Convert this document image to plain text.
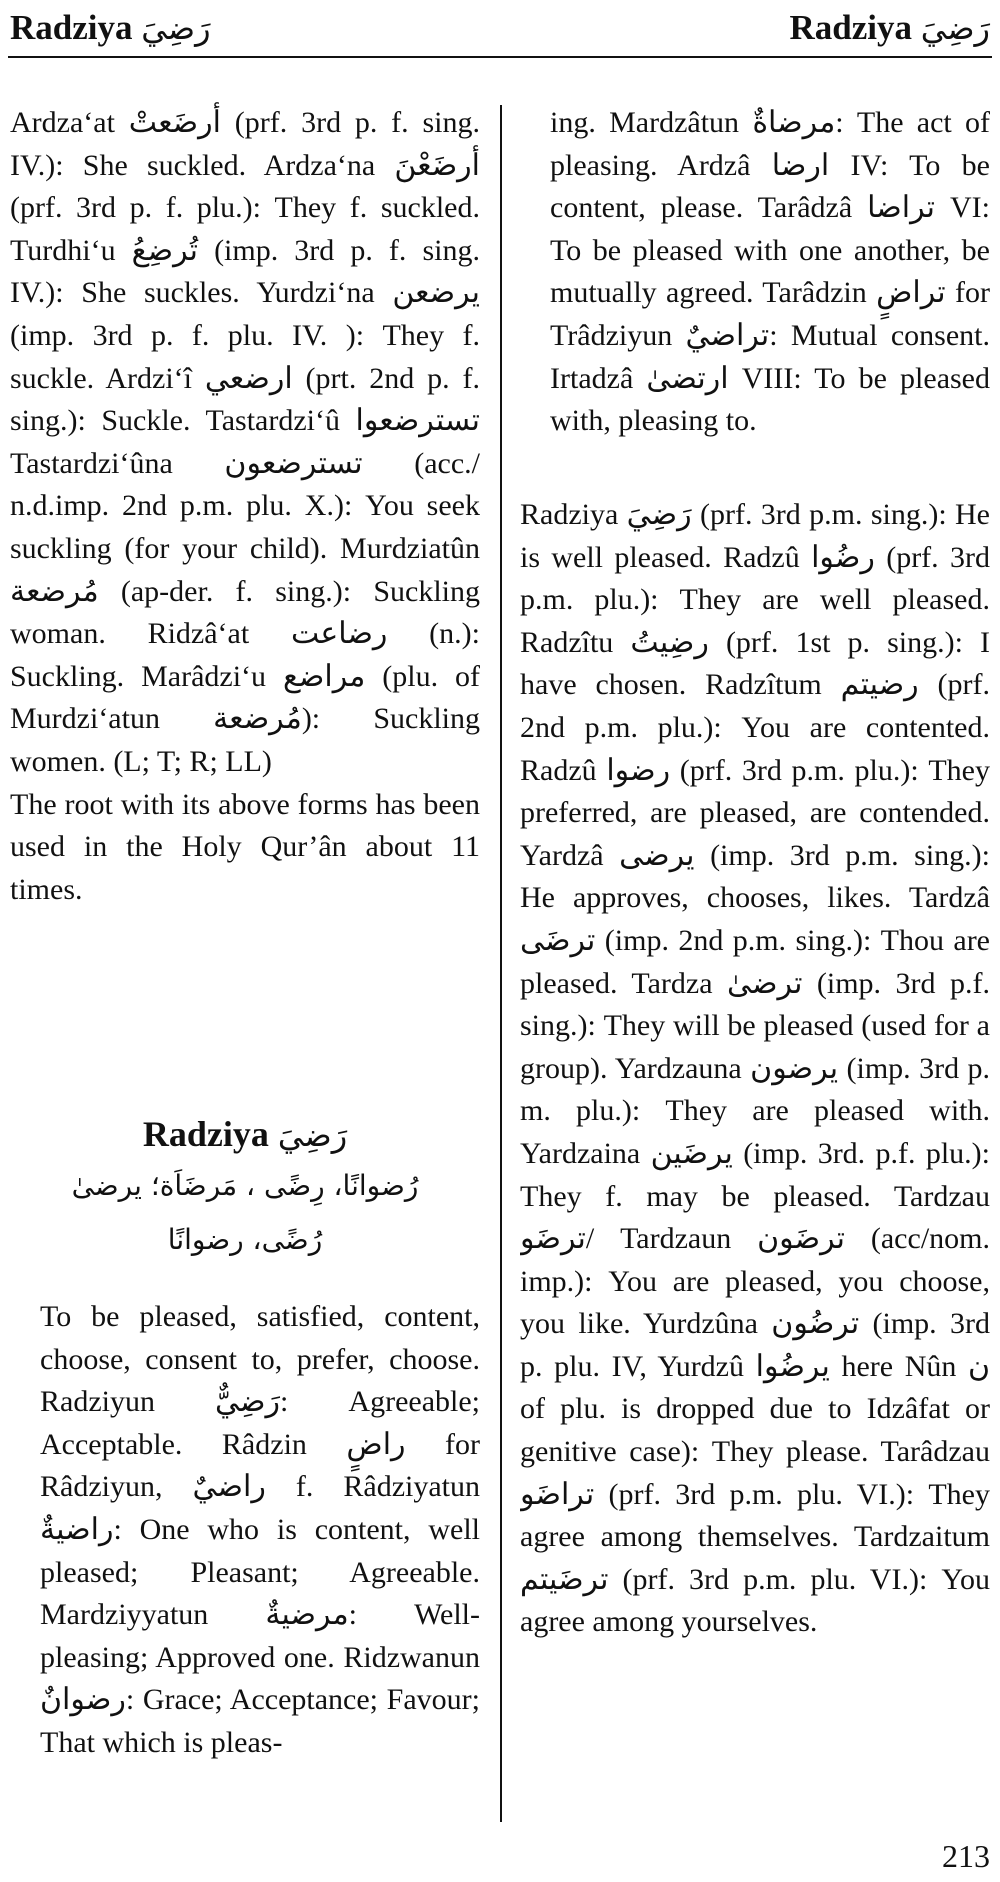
Radziya رَضِيَ	Radziya رَضِيَ

Ardza‘at أرضَعتْ (prf. 3rd p. f. sing. IV.): She suckled. Ardza‘na أرضَعْنَ (prf. 3rd p. f. plu.): They f. suckled. Turdhi‘u تُرضِعُ (imp. 3rd p. f. sing. IV.): She suckles. Yurdzi‘na يرضعن (imp. 3rd p. f. plu. IV. ): They f. suckle. Ardzi‘î ارضعي (prt. 2nd p. f. sing.): Suckle. Tastardzi‘û تسترضعوا Tastardzi‘ûna تسترضعون (acc./ n.d.imp. 2nd p.m. plu. X.): You seek suckling (for your child). Murdziatûn مُرضعة (ap-der. f. sing.): Suckling woman. Ridzâ‘at رضاعت (n.): Suckling. Marâdzi‘u مراضع (plu. of Murdzi‘atun مُرضعة): Suckling women. (L; T; R; LL)

The root with its above forms has been used in the Holy Qur’ân about 11 times.

Radziya رَضِيَ
رُضوانًا، رِضًى ، مَرضَاَة؛ يرضىٰ
رُضًى، رضوانًا

To be pleased, satisfied, content, choose, consent to, prefer, choose. Radziyun رَضِيٌّ: Agreeable; Acceptable. Râdzin راضٍ for Râdziyun, راضيٌ f. Râdziyatun راضيةٌ: One who is content, well pleased; Pleasant; Agreeable. Mardziyyatun مرضيةٌ: Well-pleasing; Approved one. Ridzwanun رضوانٌ: Grace; Acceptance; Favour; That which is pleas-

ing. Mardzâtun مرضاةٌ: The act of pleasing. Ardzâ ارضا IV: To be content, please. Tarâdzâ تراضا VI: To be pleased with one another, be mutually agreed. Tarâdzin تراضٍ for Trâdziyun تراضيٌ: Mutual consent. Irtadzâ ارتضىٰ VIII: To be pleased with, pleasing to.

Radziya رَضِيَ (prf. 3rd p.m. sing.): He is well pleased. Radzû رضُوا (prf. 3rd p.m. plu.): They are well pleased. Radzîtu رضِيتُ (prf. 1st p. sing.): I have chosen. Radzîtum رضيتم (prf. 2nd p.m. plu.): You are contented. Radzû رضوا (prf. 3rd p.m. plu.): They preferred, are pleased, are contended. Yardzâ يرضى (imp. 3rd p.m. sing.): He approves, chooses, likes. Tardzâ ترضَى (imp. 2nd p.m. sing.): Thou are pleased. Tardza ترضىٰ (imp. 3rd p.f. sing.): They will be pleased (used for a group). Yardzauna يرضون (imp. 3rd p. m. plu.): They are pleased with. Yardzaina يرضَين (imp. 3rd. p.f. plu.): They f. may be pleased. Tardzau ترضَو/ Tardzaun ترضَون (acc/nom. imp.): You are pleased, you choose, you like. Yurdzûna ترضُون (imp. 3rd p. plu. IV, Yurdzû يرضُوا here Nûn ن of plu. is dropped due to Idzâfat or genitive case): They please. Tarâdzau تراضَو (prf. 3rd p.m. plu. VI.): They agree among themselves. Tardzaitum ترضَيتم (prf. 3rd p.m. plu. VI.): You agree among yourselves.

213
